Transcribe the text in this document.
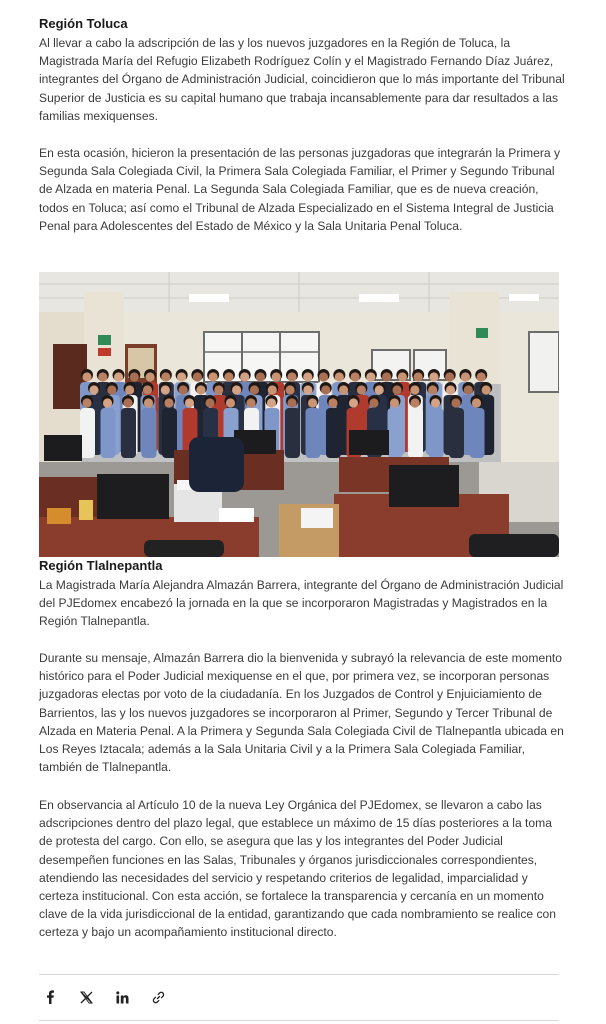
Región Toluca

Al llevar a cabo la adscripción de las y los nuevos juzgadores en la Región de Toluca, la Magistrada María del Refugio Elizabeth Rodríguez Colín y el Magistrado Fernando Díaz Juárez, integrantes del Órgano de Administración Judicial, coincidieron que lo más importante del Tribunal Superior de Justicia es su capital humano que trabaja incansablemente para dar resultados a las familias mexiquenses.

En esta ocasión, hicieron la presentación de las personas juzgadoras que integrarán la Primera y Segunda Sala Colegiada Civil, la Primera Sala Colegiada Familiar, el Primer y Segundo Tribunal de Alzada en materia Penal. La Segunda Sala Colegiada Familiar, que es de nueva creación, todos en Toluca; así como el Tribunal de Alzada Especializado en el Sistema Integral de Justicia Penal para Adolescentes del Estado de México y la Sala Unitaria Penal Toluca.

Región Tlalnepantla

La Magistrada María Alejandra Almazán Barrera, integrante del Órgano de Administración Judicial del PJEdomex encabezó la jornada en la que se incorporaron Magistradas y Magistrados en la Región Tlalnepantla.

Durante su mensaje, Almazán Barrera dio la bienvenida y subrayó la relevancia de este momento histórico para el Poder Judicial mexiquense en el que, por primera vez, se incorporan personas juzgadoras electas por voto de la ciudadanía. En los Juzgados de Control y Enjuiciamiento de Barrientos, las y los nuevos juzgadores se incorporaron al Primer, Segundo y Tercer Tribunal de Alzada en Materia Penal. A la Primera y Segunda Sala Colegiada Civil de Tlalnepantla ubicada en Los Reyes Iztacala; además a la Sala Unitaria Civil y a la Primera Sala Colegiada Familiar, también de Tlalnepantla.

En observancia al Artículo 10 de la nueva Ley Orgánica del PJEdomex, se llevaron a cabo las adscripciones dentro del plazo legal, que establece un máximo de 15 días posteriores a la toma de protesta del cargo. Con ello, se asegura que las y los integrantes del Poder Judicial desempeñen funciones en las Salas, Tribunales y órganos jurisdiccionales correspondientes, atendiendo las necesidades del servicio y respetando criterios de legalidad, imparcialidad y certeza institucional. Con esta acción, se fortalece la transparencia y cercanía en un momento clave de la vida jurisdiccional de la entidad, garantizando que cada nombramiento se realice con certeza y bajo un acompañamiento institucional directo.
